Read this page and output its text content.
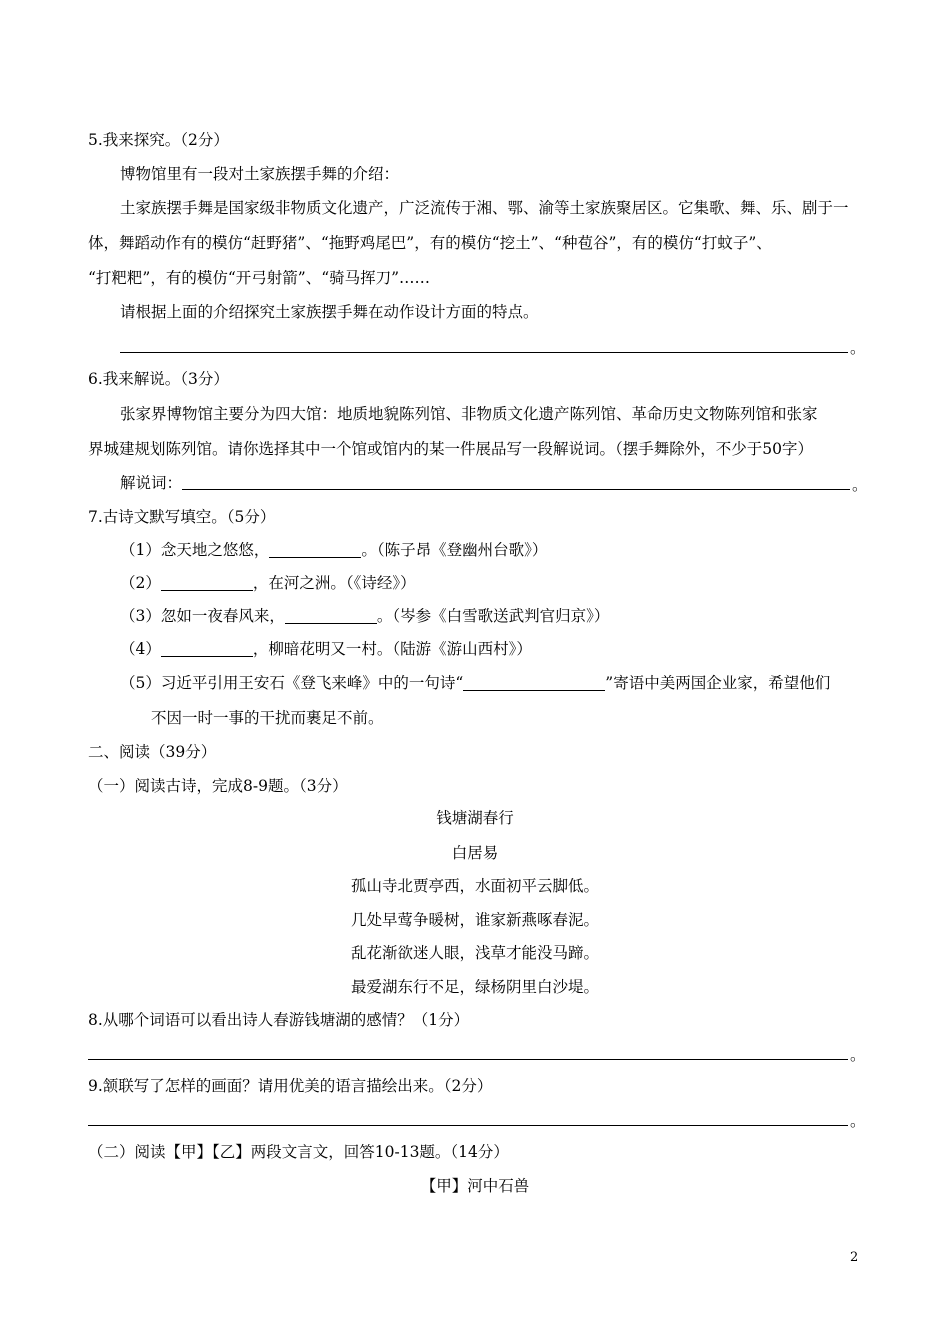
5.我来探究。（2分）
博物馆里有一段对土家族摆手舞的介绍：
土家族摆手舞是国家级非物质文化遗产，广泛流传于湘、鄂、渝等土家族聚居区。它集歌、舞、乐、剧于一
体，舞蹈动作有的模仿“赶野猪”、“拖野鸡尾巴”，有的模仿“挖土”、“种苞谷”，有的模仿“打蚊子”、
“打粑粑”，有的模仿“开弓射箭”、“骑马挥刀”……
请根据上面的介绍探究土家族摆手舞在动作设计方面的特点。
。
6.我来解说。（3分）
张家界博物馆主要分为四大馆：地质地貌陈列馆、非物质文化遗产陈列馆、革命历史文物陈列馆和张家
界城建规划陈列馆。请你选择其中一个馆或馆内的某一件展品写一段解说词。（摆手舞除外，不少于50字）
解说词：	。
7.古诗文默写填空。（5分）
（1）念天地之悠悠，	。（陈子昂《登幽州台歌》）
（2）	，在河之洲。（《诗经》）
（3）忽如一夜春风来，	。（岑参《白雪歌送武判官归京》）
（4）	，柳暗花明又一村。（陆游《游山西村》）
（5）习近平引用王安石《登飞来峰》中的一句诗“	”寄语中美两国企业家，希望他们
不因一时一事的干扰而裹足不前。
二、阅读（39分）
（一）阅读古诗，完成8-9题。（3分）
钱塘湖春行
白居易
孤山寺北贾亭西，水面初平云脚低。
几处早莺争暖树，谁家新燕啄春泥。
乱花渐欲迷人眼，浅草才能没马蹄。
最爱湖东行不足，绿杨阴里白沙堤。
8.从哪个词语可以看出诗人春游钱塘湖的感情？（1分）
。
9.颔联写了怎样的画面？请用优美的语言描绘出来。（2分）
。
（二）阅读【甲】【乙】两段文言文，回答10-13题。（14分）
【甲】河中石兽
2
